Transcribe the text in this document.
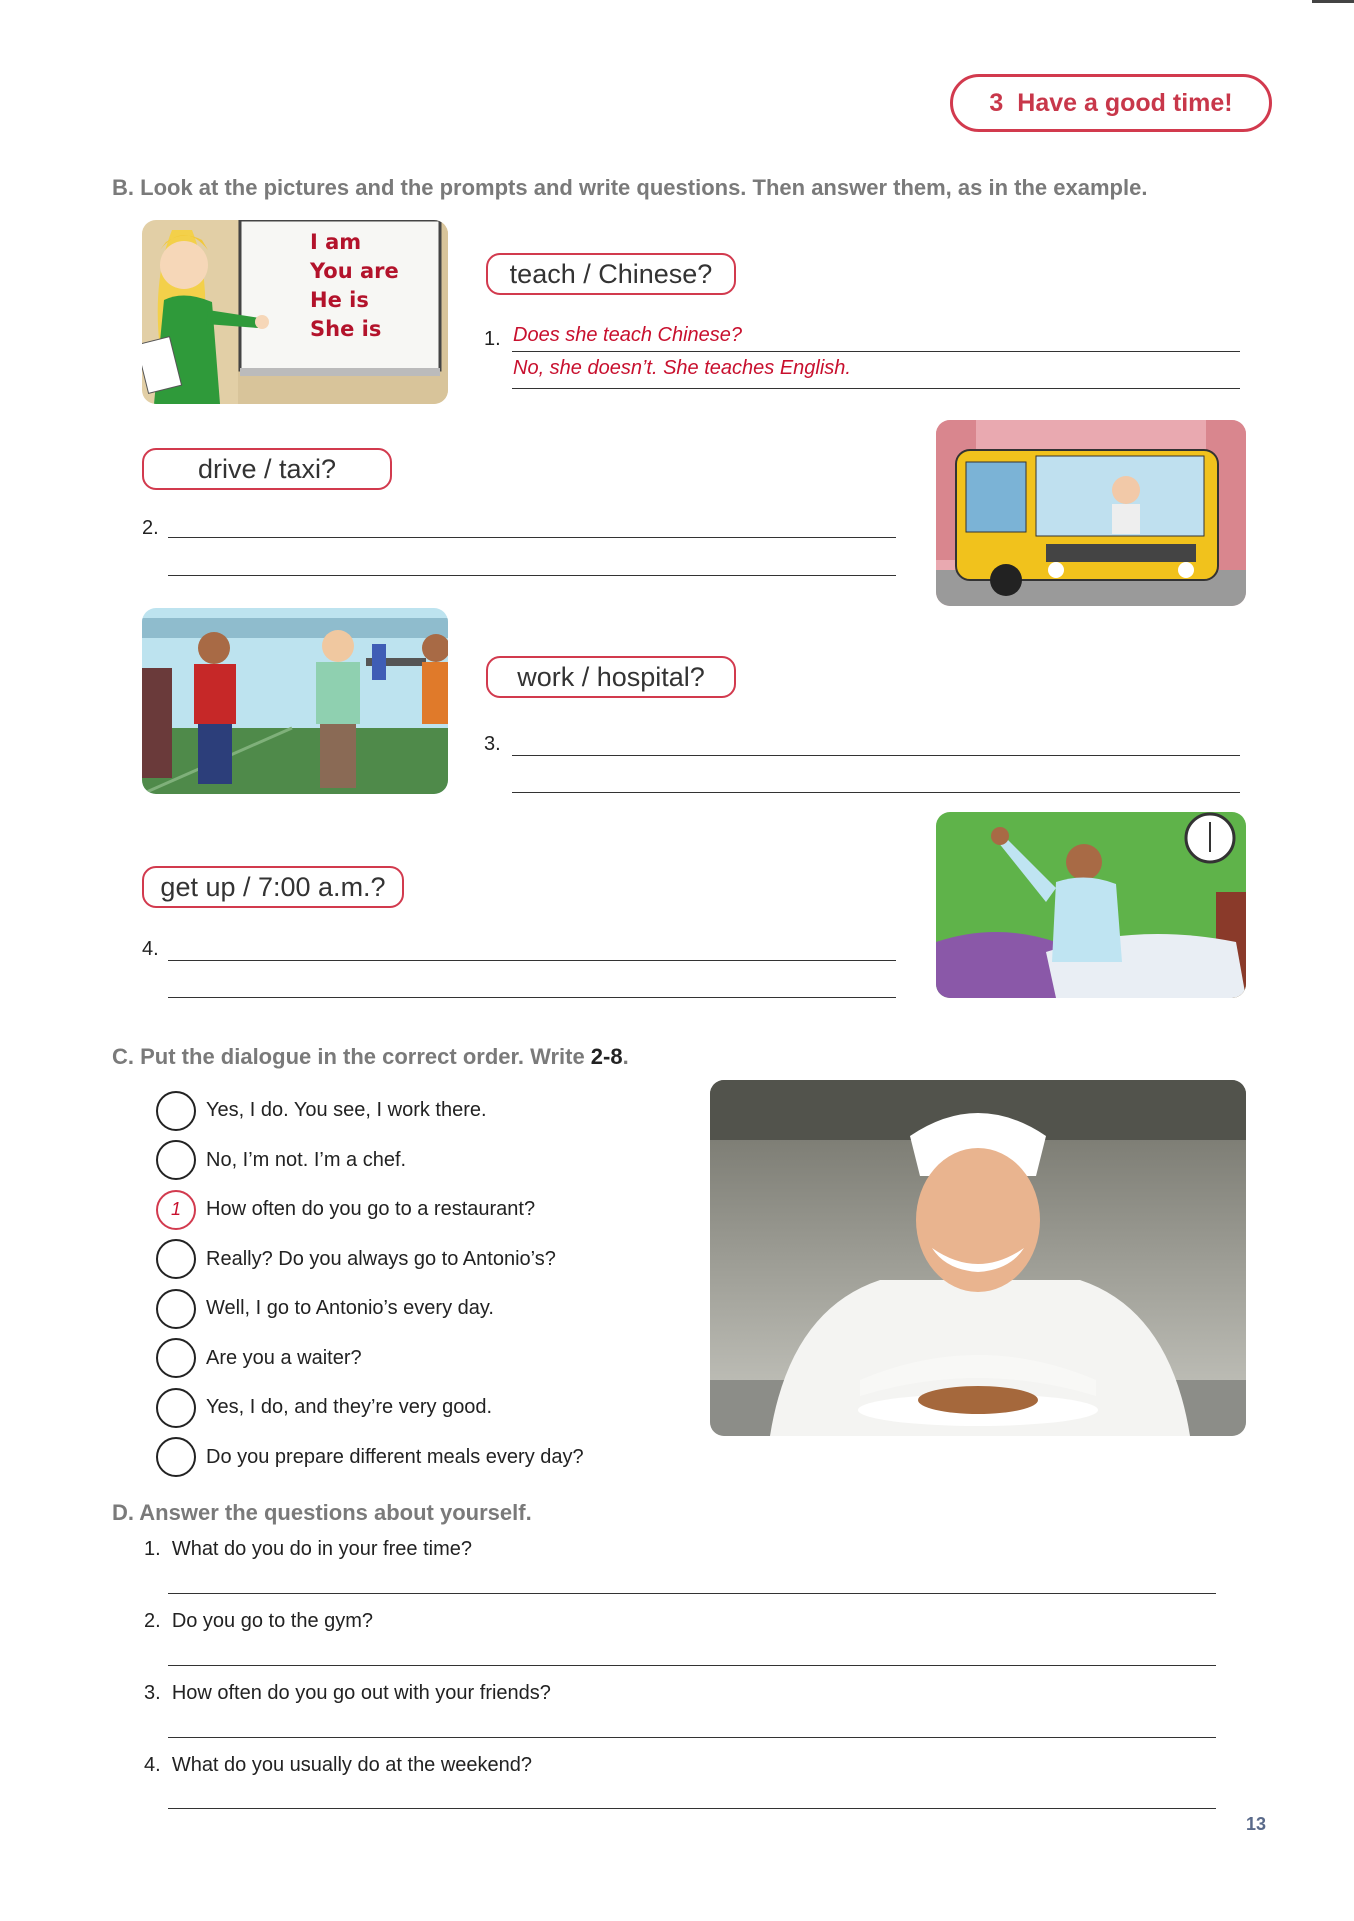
3 Have a good time!
B. Look at the pictures and the prompts and write questions. Then answer them, as in the example.
I am
You are
He is
She is
teach / Chinese?
1. Does she teach Chinese?
No, she doesn’t. She teaches English.
drive / taxi?
2.
work / hospital?
3.
get up / 7:00 a.m.?
4.
C. Put the dialogue in the correct order. Write 2-8.
Yes, I do. You see, I work there.
No, I’m not. I’m a chef.
1	How often do you go to a restaurant?
Really? Do you always go to Antonio’s?
Well, I go to Antonio’s every day.
Are you a waiter?
Yes, I do, and they’re very good.
Do you prepare different meals every day?
D. Answer the questions about yourself.
1. What do you do in your free time?
2. Do you go to the gym?
3. How often do you go out with your friends?
4. What do you usually do at the weekend?
13
